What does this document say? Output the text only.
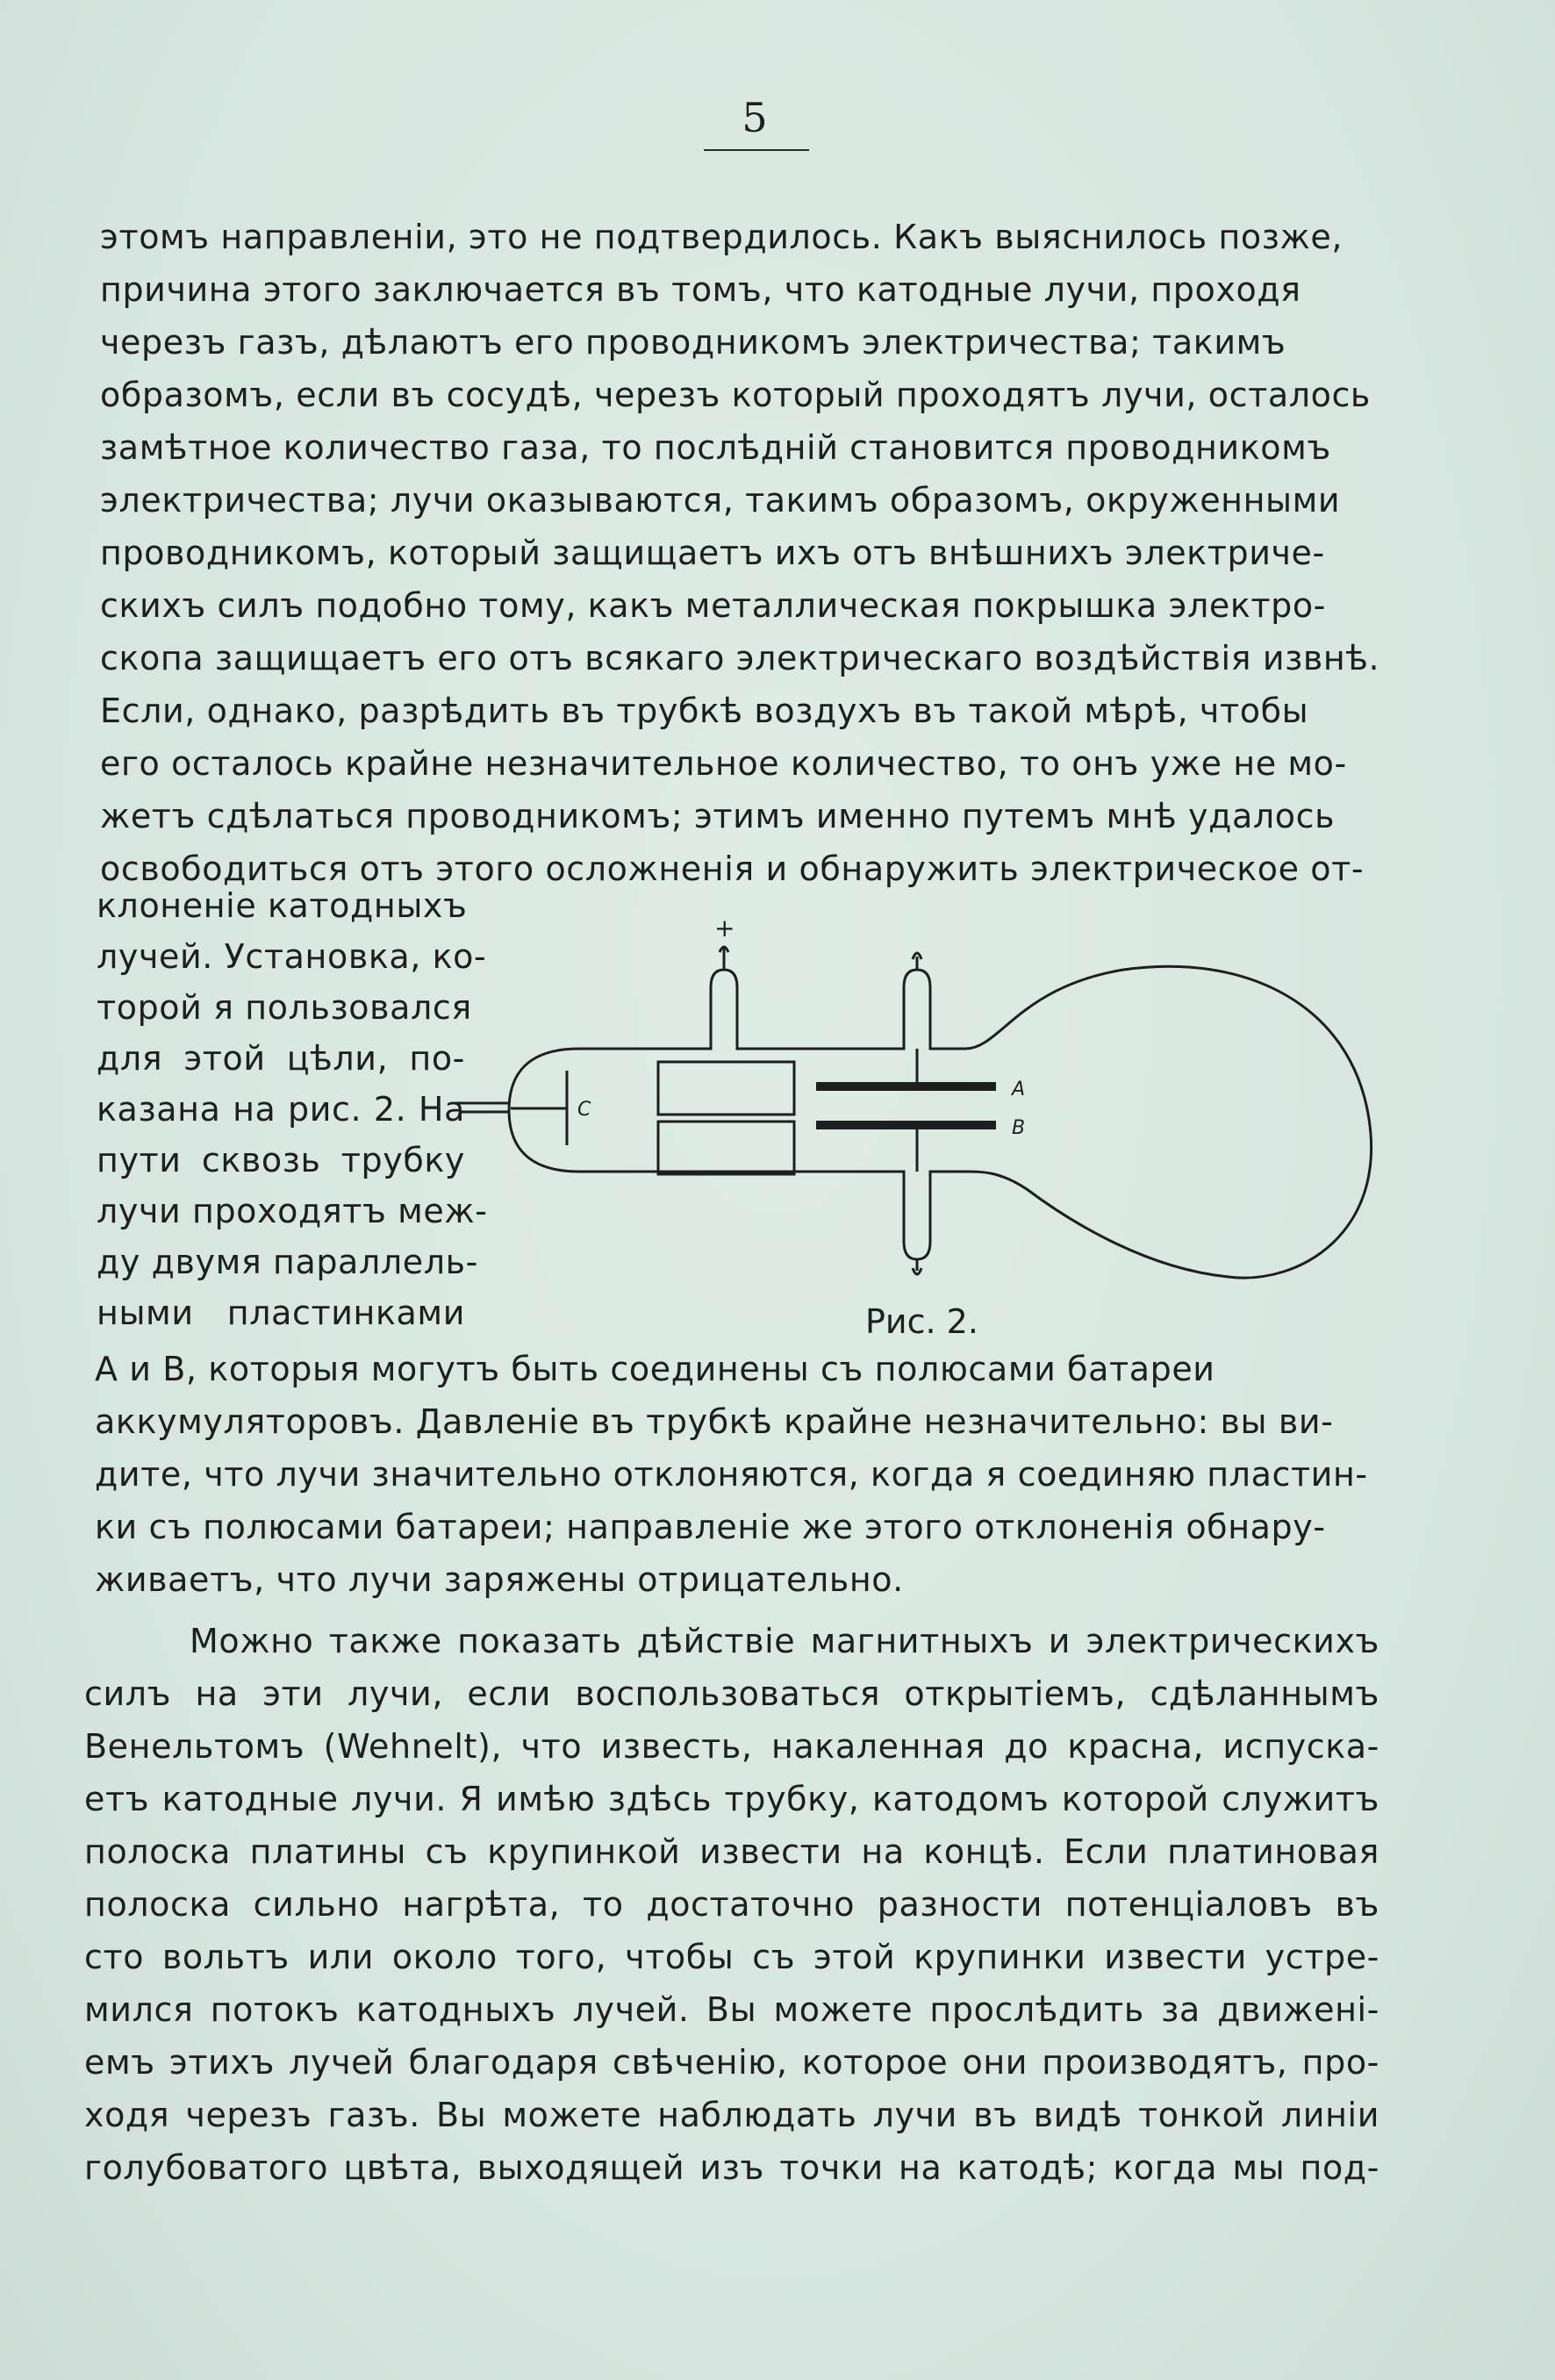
5
этомъ направленіи, это не подтвердилось. Какъ выяснилось позже,
причина этого заключается въ томъ, что катодные лучи, проходя
черезъ газъ, дѣлаютъ его проводникомъ электричества; такимъ
образомъ, если въ сосудѣ, черезъ который проходятъ лучи, осталось
замѣтное количество газа, то послѣдній становится проводникомъ
электричества; лучи оказываются, такимъ образомъ, окруженными
проводникомъ, который защищаетъ ихъ отъ внѣшнихъ электриче-
скихъ силъ подобно тому, какъ металлическая покрышка электро-
скопа защищаетъ его отъ всякаго электрическаго воздѣйствія извнѣ.
Если, однако, разрѣдить въ трубкѣ воздухъ въ такой мѣрѣ, чтобы
его осталось крайне незначительное количество, то онъ уже не мо-
жетъ сдѣлаться проводникомъ; этимъ именно путемъ мнѣ удалось
освободиться отъ этого осложненія и обнаружить электрическое от-
клоненіе катодныхъ
лучей. Установка, ко-
торой я пользовался
для этой цѣли, по-
казана на рис. 2. На
пути сквозь трубку
лучи проходятъ меж-
ду двумя параллель-
ными пластинками
+
C
A
B
Рис. 2.
A и B, которыя могутъ быть соединены съ полюсами батареи
аккумуляторовъ. Давленіе въ трубкѣ крайне незначительно: вы ви-
дите, что лучи значительно отклоняются, когда я соединяю пластин-
ки съ полюсами батареи; направленіе же этого отклоненія обнару-
живаетъ, что лучи заряжены отрицательно.
Можно также показать дѣйствіе магнитныхъ и электрическихъ
силъ на эти лучи, если воспользоваться открытіемъ, сдѣланнымъ
Венельтомъ (Wehnelt), что известь, накаленная до красна, испуска-
етъ катодные лучи. Я имѣю здѣсь трубку, катодомъ которой служитъ
полоска платины съ крупинкой извести на концѣ. Если платиновая
полоска сильно нагрѣта, то достаточно разности потенціаловъ въ
сто вольтъ или около того, чтобы съ этой крупинки извести устре-
мился потокъ катодныхъ лучей. Вы можете прослѣдить за движені-
емъ этихъ лучей благодаря свѣченію, которое они производятъ, про-
ходя черезъ газъ. Вы можете наблюдать лучи въ видѣ тонкой линіи
голубоватого цвѣта, выходящей изъ точки на катодѣ; когда мы под-
